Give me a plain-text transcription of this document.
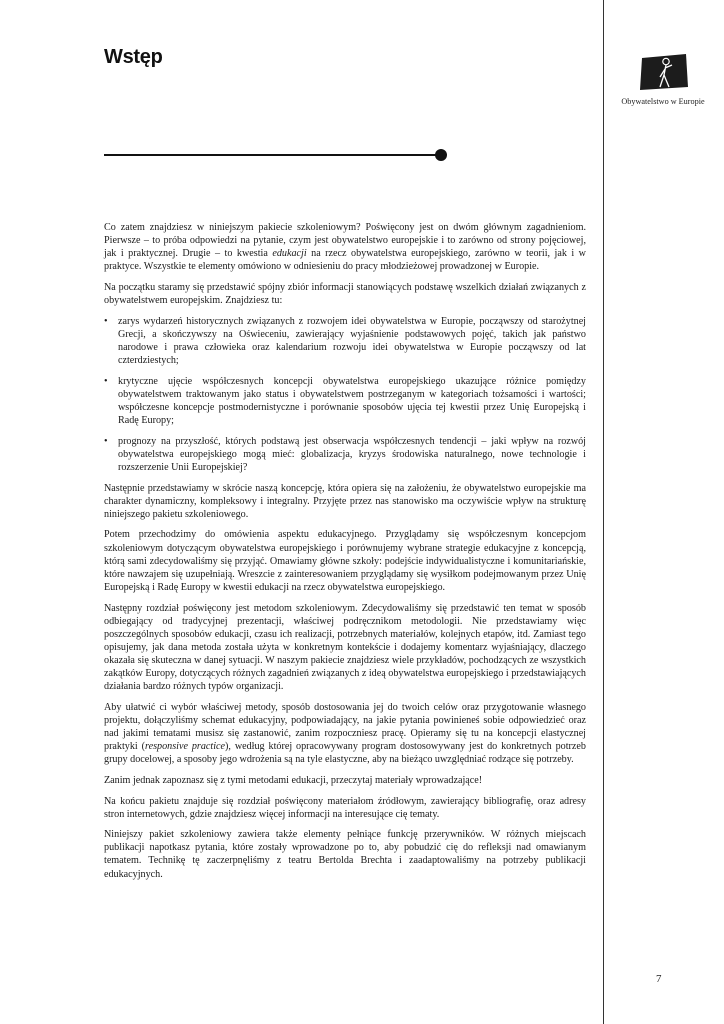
Wstęp
Obywatelstwo w Europie

Co zatem znajdziesz w niniejszym pakiecie szkoleniowym? Poświęcony jest on dwóm głównym zagadnieniom. Pierwsze – to próba odpowiedzi na pytanie, czym jest obywatelstwo europejskie i to zarówno od strony pojęciowej, jak i praktycznej. Drugie – to kwestia edukacji na rzecz obywatelstwa europejskiego, zarówno w teorii, jak i w praktyce. Wszystkie te elementy omówiono w odniesieniu do pracy młodzieżowej prowadzonej w Europie.

Na początku staramy się przedstawić spójny zbiór informacji stanowiących podstawę wszelkich działań związanych z obywatelstwem europejskim. Znajdziesz tu:

• zarys wydarzeń historycznych związanych z rozwojem idei obywatelstwa w Europie, począwszy od starożytnej Grecji, a skończywszy na Oświeceniu, zawierający wyjaśnienie podstawowych pojęć, takich jak państwo narodowe i prawa człowieka oraz kalendarium rozwoju idei obywatelstwa w Europie począwszy od lat czterdziestych;
• krytyczne ujęcie współczesnych koncepcji obywatelstwa europejskiego ukazujące różnice pomiędzy obywatelstwem traktowanym jako status i obywatelstwem postrzeganym w kategoriach tożsamości i wartości; współczesne koncepcje postmodernistyczne i porównanie sposobów ujęcia tej kwestii przez Unię Europejską i Radę Europy;
• prognozy na przyszłość, których podstawą jest obserwacja współczesnych tendencji – jaki wpływ na rozwój obywatelstwa europejskiego mogą mieć: globalizacja, kryzys środowiska naturalnego, nowe technologie i rozszerzenie Unii Europejskiej?

Następnie przedstawiamy w skrócie naszą koncepcję, która opiera się na założeniu, że obywatelstwo europejskie ma charakter dynamiczny, kompleksowy i integralny. Przyjęte przez nas stanowisko ma oczywiście wpływ na strukturę niniejszego pakietu szkoleniowego.

Potem przechodzimy do omówienia aspektu edukacyjnego. Przyglądamy się współczesnym koncepcjom szkoleniowym dotyczącym obywatelstwa europejskiego i porównujemy wybrane strategie edukacyjne z koncepcją, którą sami zdecydowaliśmy się przyjąć. Omawiamy główne szkoły: podejście indywidualistyczne i komunitariańskie, które nawzajem się uzupełniają. Wreszcie z zainteresowaniem przyglądamy się wysiłkom podejmowanym przez Unię Europejską i Radę Europy w kwestii edukacji na rzecz obywatelstwa europejskiego.

Następny rozdział poświęcony jest metodom szkoleniowym. Zdecydowaliśmy się przedstawić ten temat w sposób odbiegający od tradycyjnej prezentacji, właściwej podręcznikom metodologii. Nie przedstawiamy więc poszczególnych sposobów edukacji, czasu ich realizacji, potrzebnych materiałów, kolejnych etapów, itd. Zamiast tego opisujemy, jak dana metoda została użyta w konkretnym kontekście i dodajemy komentarz wyjaśniający, dlaczego okazała się skuteczna w danej sytuacji. W naszym pakiecie znajdziesz wiele przykładów, pochodzących ze wszystkich zakątków Europy, dotyczących różnych zagadnień związanych z ideą obywatelstwa europejskiego i przedstawiających działania bardzo różnych typów organizacji.

Aby ułatwić ci wybór właściwej metody, sposób dostosowania jej do twoich celów oraz przygotowanie własnego projektu, dołączyliśmy schemat edukacyjny, podpowiadający, na jakie pytania powinieneś sobie odpowiedzieć oraz nad jakimi tematami musisz się zastanowić, zanim rozpoczniesz pracę. Opieramy się tu na koncepcji elastycznej praktyki (responsive practice), według której opracowywany program dostosowywany jest do konkretnych potrzeb grupy docelowej, a sposoby jego wdrożenia są na tyle elastyczne, aby na bieżąco uwzględniać rodzące się potrzeby.

Zanim jednak zapoznasz się z tymi metodami edukacji, przeczytaj materiały wprowadzające!

Na końcu pakietu znajduje się rozdział poświęcony materiałom źródłowym, zawierający bibliografię, oraz adresy stron internetowych, gdzie znajdziesz więcej informacji na interesujące cię tematy.

Niniejszy pakiet szkoleniowy zawiera także elementy pełniące funkcję przerywników. W różnych miejscach publikacji napotkasz pytania, które zostały wprowadzone po to, aby pobudzić cię do refleksji nad omawianym tematem. Technikę tę zaczerpnęliśmy z teatru Bertolda Brechta i zaadaptowaliśmy na potrzeby publikacji edukacyjnych.

7
